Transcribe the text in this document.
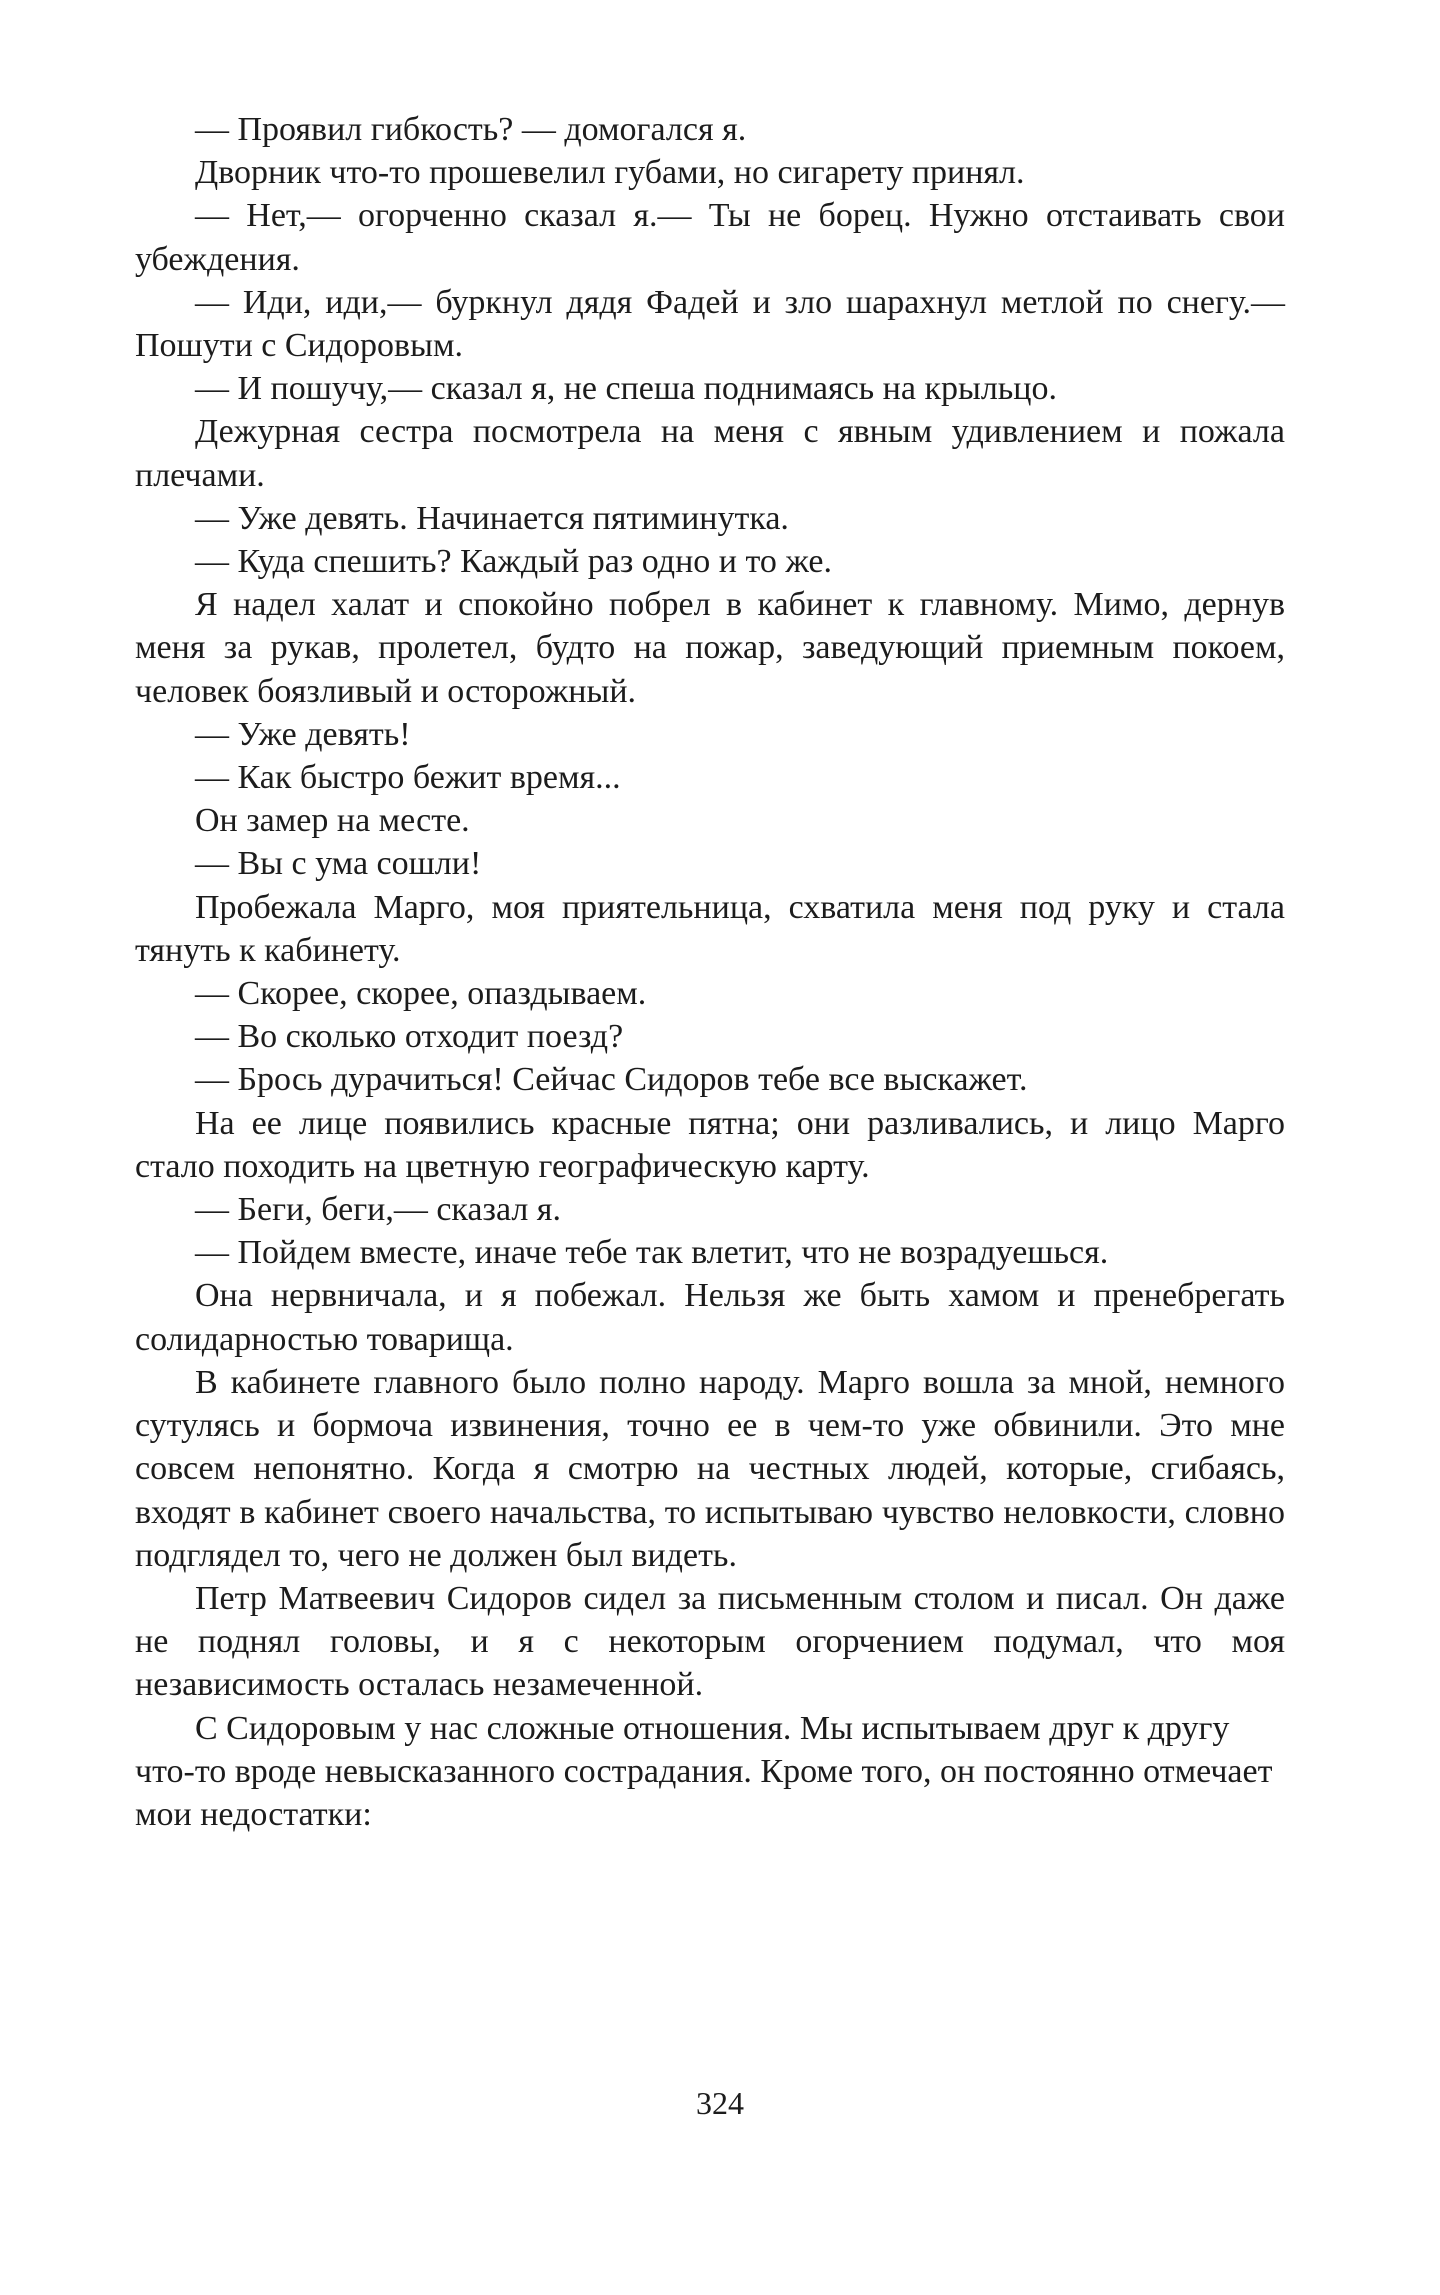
— Проявил гибкость? — домогался я.

Дворник что-то прошевелил губами, но сигарету принял.

— Нет,— огорченно сказал я.— Ты не борец. Нужно отстаивать свои убеждения.

— Иди, иди,— буркнул дядя Фадей и зло шарахнул метлой по снегу.— Пошути с Сидоровым.

— И пошучу,— сказал я, не спеша поднимаясь на крыльцо.

Дежурная сестра посмотрела на меня с явным удивлением и пожала плечами.

— Уже девять. Начинается пятиминутка.

— Куда спешить? Каждый раз одно и то же.

Я надел халат и спокойно побрел в кабинет к главному. Мимо, дернув меня за рукав, пролетел, будто на пожар, заведующий приемным покоем, человек боязливый и осторожный.

— Уже девять!

— Как быстро бежит время...

Он замер на месте.

— Вы с ума сошли!

Пробежала Марго, моя приятельница, схватила меня под руку и стала тянуть к кабинету.

— Скорее, скорее, опаздываем.

— Во сколько отходит поезд?

— Брось дурачиться! Сейчас Сидоров тебе все выскажет.

На ее лице появились красные пятна; они разливались, и лицо Марго стало походить на цветную географическую карту.

— Беги, беги,— сказал я.

— Пойдем вместе, иначе тебе так влетит, что не возрадуешься.

Она нервничала, и я побежал. Нельзя же быть хамом и пренебрегать солидарностью товарища.

В кабинете главного было полно народу. Марго вошла за мной, немного сутулясь и бормоча извинения, точно ее в чем-то уже обвинили. Это мне совсем непонятно. Когда я смотрю на честных людей, которые, сгибаясь, входят в кабинет своего начальства, то испытываю чувство неловкости, словно подглядел то, чего не должен был видеть.

Петр Матвеевич Сидоров сидел за письменным столом и писал. Он даже не поднял головы, и я с некоторым огорчением подумал, что моя независимость осталась незамеченной.

С Сидоровым у нас сложные отношения. Мы испытываем друг к другу что-то вроде невысказанного сострадания. Кроме того, он постоянно отмечает мои недостатки:

324
